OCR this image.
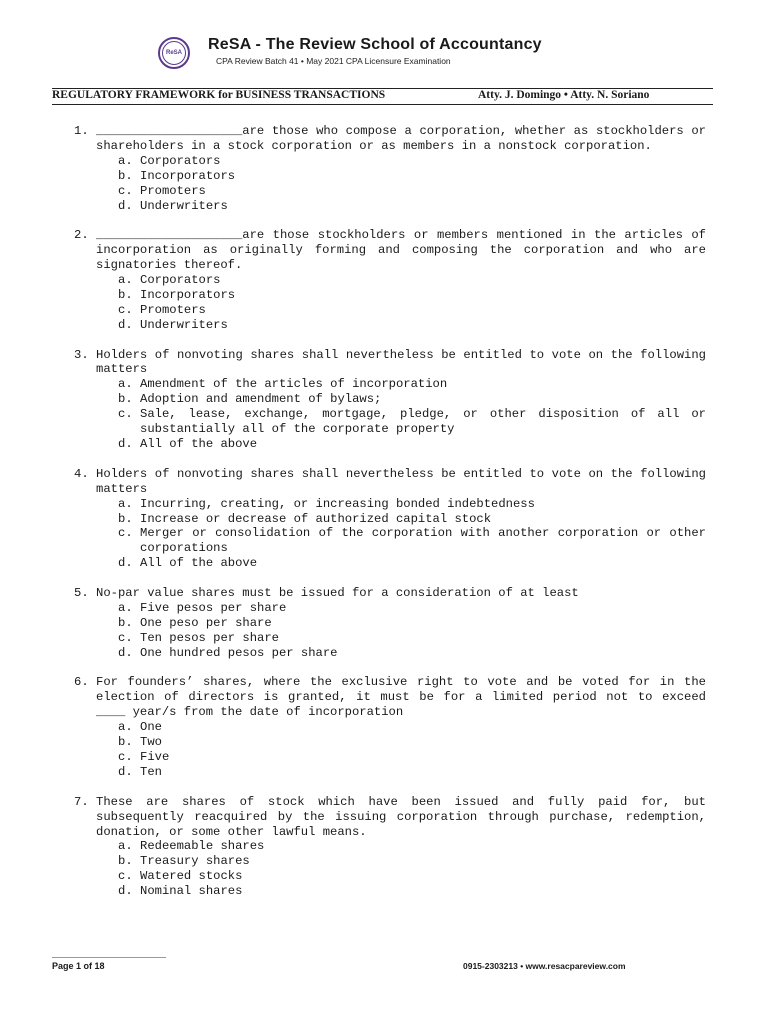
ReSA ReSA - The Review School of Accountancy
CPA Review Batch 41 • May 2021 CPA Licensure Examination
REGULATORY FRAMEWORK for BUSINESS TRANSACTIONS	Atty. J. Domingo • Atty. N. Soriano
1. ____________________are those who compose a corporation, whether as stockholders or shareholders in a stock corporation or as members in a nonstock corporation.
a. Corporators
b. Incorporators
c. Promoters
d. Underwriters
2. ____________________are those stockholders or members mentioned in the articles of incorporation as originally forming and composing the corporation and who are signatories thereof.
a. Corporators
b. Incorporators
c. Promoters
d. Underwriters
3. Holders of nonvoting shares shall nevertheless be entitled to vote on the following matters
a. Amendment of the articles of incorporation
b. Adoption and amendment of bylaws;
c. Sale, lease, exchange, mortgage, pledge, or other disposition of all or substantially all of the corporate property
d. All of the above
4. Holders of nonvoting shares shall nevertheless be entitled to vote on the following matters
a. Incurring, creating, or increasing bonded indebtedness
b. Increase or decrease of authorized capital stock
c. Merger or consolidation of the corporation with another corporation or other corporations
d. All of the above
5. No-par value shares must be issued for a consideration of at least
a. Five pesos per share
b. One peso per share
c. Ten pesos per share
d. One hundred pesos per share
6. For founders’ shares, where the exclusive right to vote and be voted for in the election of directors is granted, it must be for a limited period not to exceed ____ year/s from the date of incorporation
a. One
b. Two
c. Five
d. Ten
7. These are shares of stock which have been issued and fully paid for, but subsequently reacquired by the issuing corporation through purchase, redemption, donation, or some other lawful means.
a. Redeemable shares
b. Treasury shares
c. Watered stocks
d. Nominal shares
Page 1 of 18	0915-2303213 • www.resacpareview.com
